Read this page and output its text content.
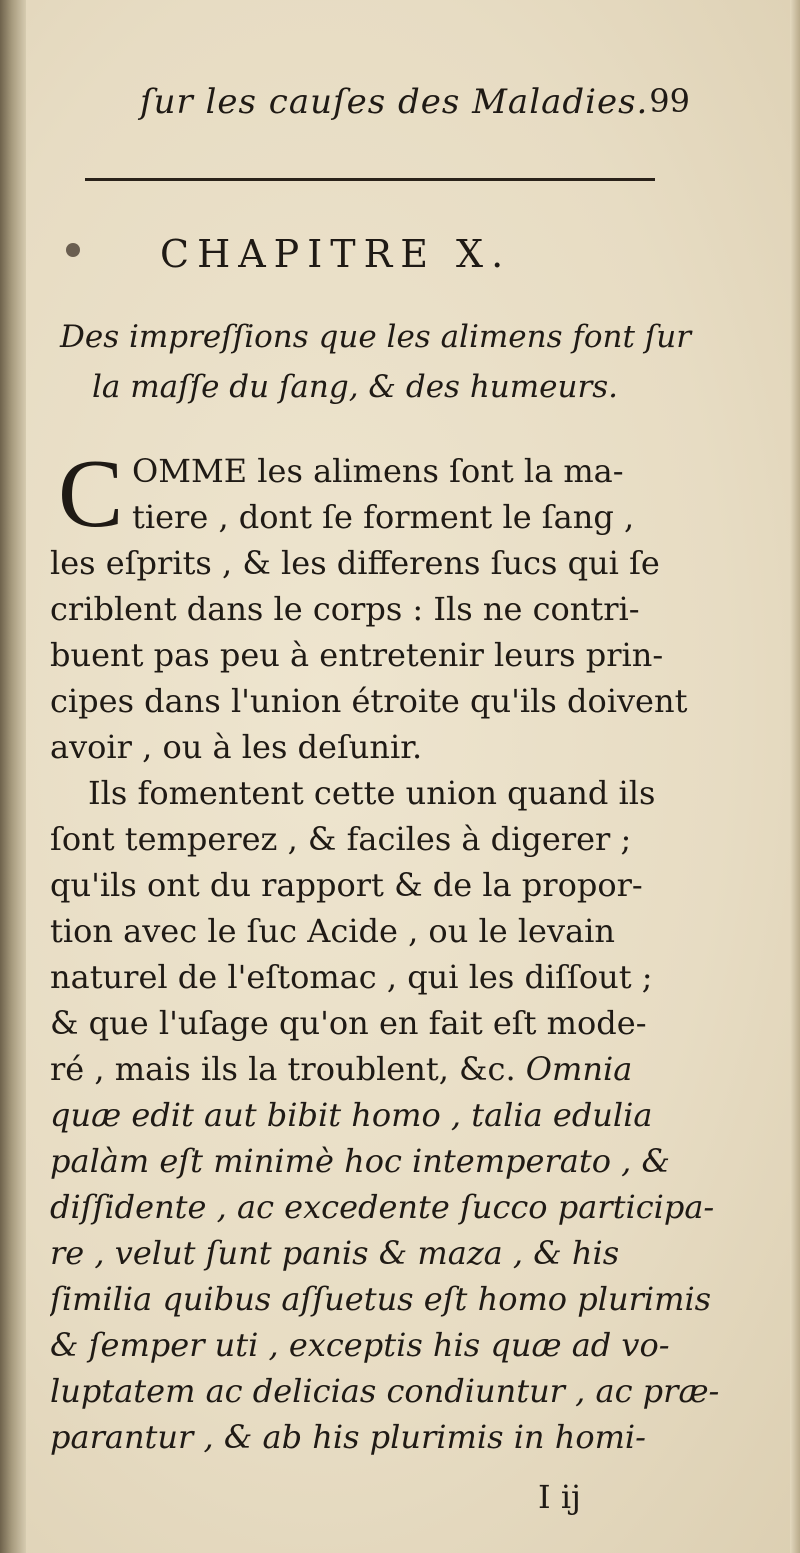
ſur les cauſes des Maladies. 99
CHAPITRE X.
Des impreſſions que les alimens font ſur
la maſſe du ſang, & des humeurs.
C OMME les alimens ſont la ma-
tiere , dont ſe forment le ſang ,
les eſprits , & les differens ſucs qui ſe
criblent dans le corps : Ils ne contri-
buent pas peu à entretenir leurs prin-
cipes dans l'union étroite qu'ils doivent
avoir , ou à les deſunir.
Ils fomentent cette union quand ils
ſont temperez , & faciles à digerer ;
qu'ils ont du rapport & de la propor-
tion avec le ſuc Acide , ou le levain
naturel de l'eſtomac , qui les diſſout ;
& que l'uſage qu'on en fait eſt mode-
ré , mais ils la troublent, &c. Omnia
quæ edit aut bibit homo , talia edulia
palàm eſt minimè hoc intemperato , &
diſſidente , ac excedente ſucco participa-
re , velut ſunt panis & maza , & his
ſimilia quibus aſſuetus eſt homo plurimis
& ſemper uti , exceptis his quæ ad vo-
luptatem ac delicias condiuntur , ac præ-
parantur , & ab his plurimis in homi-
I ij
